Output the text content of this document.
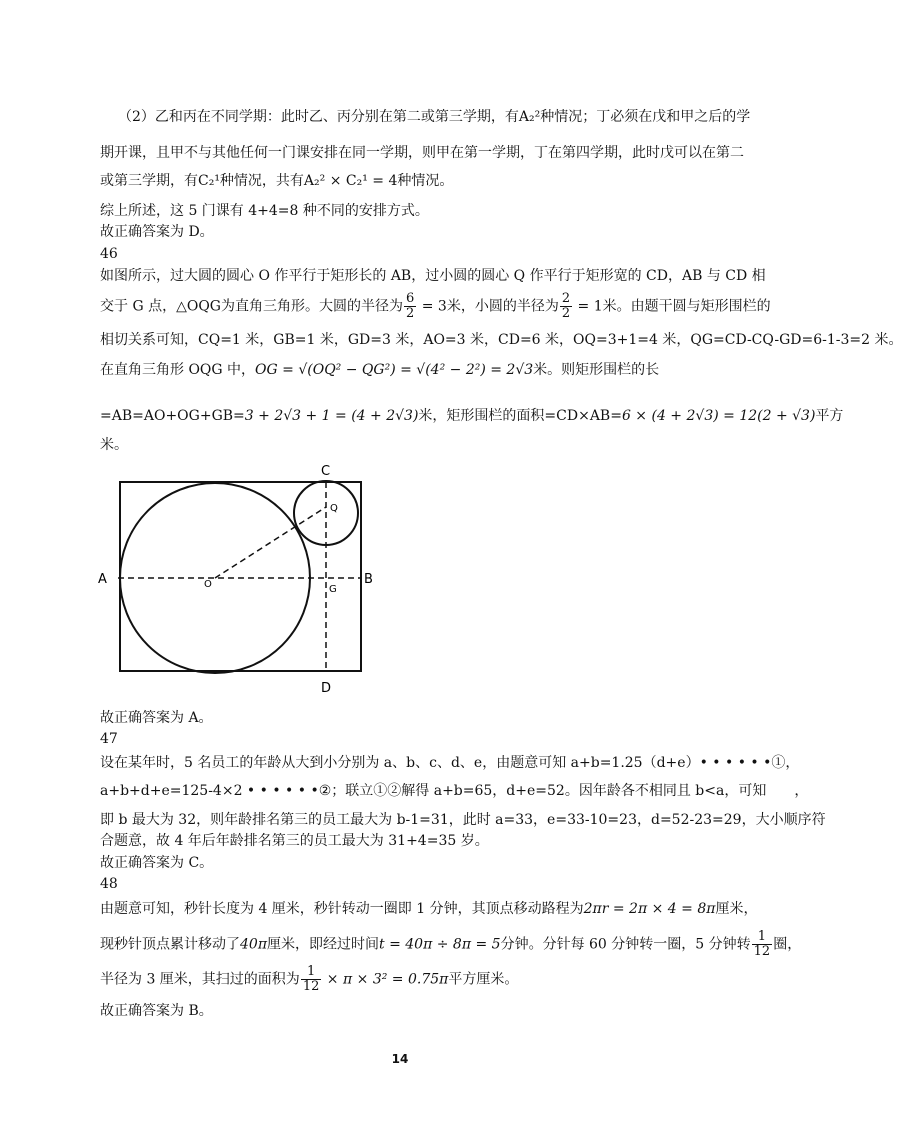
（2）乙和丙在不同学期：此时乙、丙分别在第二或第三学期，有A₂²种情况；丁必须在戊和甲之后的学
期开课，且甲不与其他任何一门课安排在同一学期，则甲在第一学期，丁在第四学期，此时戊可以在第二
或第三学期，有C₂¹种情况，共有A₂² × C₂¹ = 4种情况。
综上所述，这 5 门课有 4+4=8 种不同的安排方式。
故正确答案为 D。
46
如图所示，过大圆的圆心 O 作平行于矩形长的 AB，过小圆的圆心 Q 作平行于矩形宽的 CD，AB 与 CD 相
交于 G 点，△OQG为直角三角形。大圆的半径为 $\frac{6}{2} = 3$米，小圆的半径为 $\frac{2}{2} = 1$米。由题干圆与矩形围栏的
相切关系可知，CQ=1 米，GB=1 米，GD=3 米，AO=3 米，CD=6 米，OQ=3+1=4 米，QG=CD-CQ-GD=6-1-3=2 米。
在直角三角形 OQG 中，OG = √(OQ² − QG²) = √(4² − 2²) = 2√3米。则矩形围栏的长
=AB=AO+OG+GB=3 + 2√3 + 1 = (4 + 2√3)米，矩形围栏的面积=CD×AB=6 × (4 + 2√3) = 12(2 + √3)平方
米。
A	B
C
D
O
Q
G
故正确答案为 A。
47
设在某年时，5 名员工的年龄从大到小分别为 a、b、c、d、e，由题意可知 a+b=1.25（d+e）• • • • • •①，
a+b+d+e=125-4×2 • • • • • •②；联立①②解得 a+b=65，d+e=52。因年龄各不相同且 b<a，可知　　，
即 b 最大为 32，则年龄排名第三的员工最大为 b-1=31，此时 a=33，e=33-10=23，d=52-23=29，大小顺序符
合题意，故 4 年后年龄排名第三的员工最大为 31+4=35 岁。
故正确答案为 C。
48
由题意可知，秒针长度为 4 厘米，秒针转动一圈即 1 分钟，其顶点移动路程为2πr = 2π × 4 = 8π厘米，
现秒针顶点累计移动了40π厘米，即经过时间t = 40π ÷ 8π = 5分钟。分针每 60 分钟转一圈，5 分钟转 $\frac{1}{12}$ 圈，
半径为 3 厘米，其扫过的面积为 $\frac{1}{12} \times \pi \times 3^2 = 0.75\pi$平方厘米。
故正确答案为 B。
14
